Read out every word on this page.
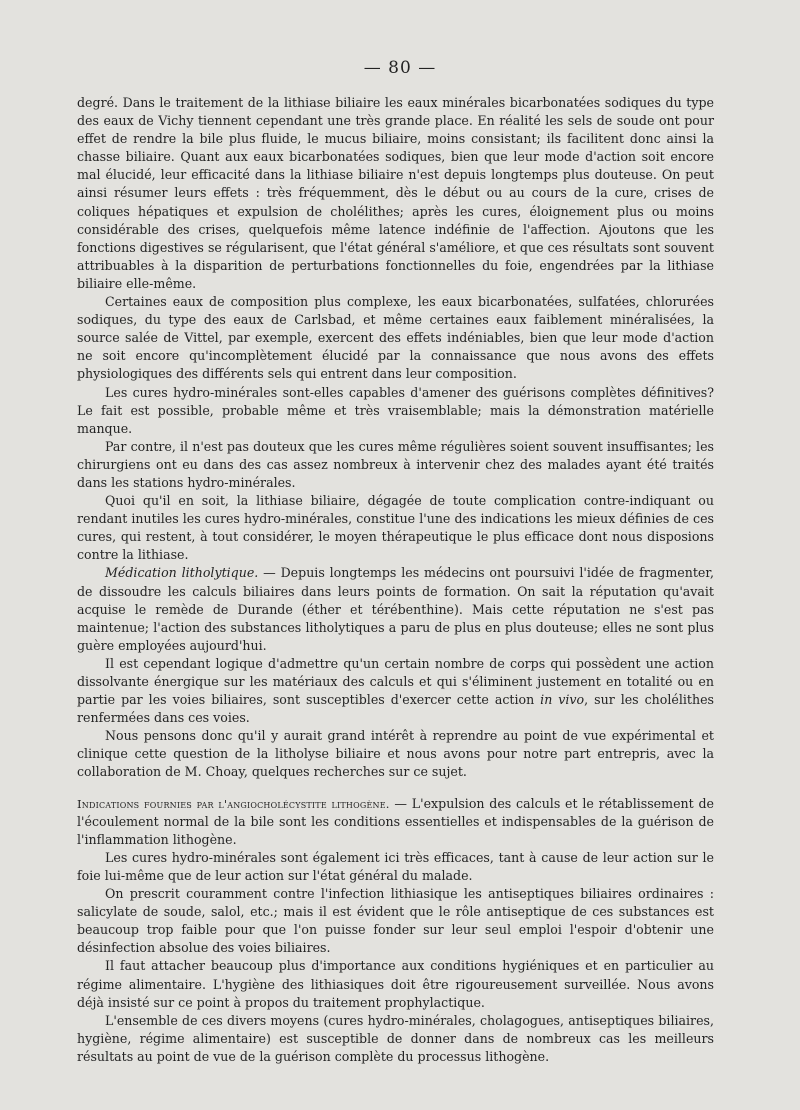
— 80 —

degré. Dans le traitement de la lithiase biliaire les eaux minérales bicarbonatées sodiques du type des eaux de Vichy tiennent cependant une très grande place. En réalité les sels de soude ont pour effet de rendre la bile plus fluide, le mucus biliaire, moins consistant; ils facilitent donc ainsi la chasse biliaire. Quant aux eaux bicarbonatées sodiques, bien que leur mode d'action soit encore mal élucidé, leur efficacité dans la lithiase biliaire n'est depuis longtemps plus douteuse. On peut ainsi résumer leurs effets : très fréquemment, dès le début ou au cours de la cure, crises de coliques hépatiques et expulsion de cholélithes; après les cures, éloignement plus ou moins considérable des crises, quelquefois même latence indéfinie de l'affection. Ajoutons que les fonctions digestives se régularisent, que l'état général s'améliore, et que ces résultats sont souvent attribuables à la disparition de perturbations fonctionnelles du foie, engendrées par la lithiase biliaire elle-même.

Certaines eaux de composition plus complexe, les eaux bicarbonatées, sulfatées, chlorurées sodiques, du type des eaux de Carlsbad, et même certaines eaux faiblement minéralisées, la source salée de Vittel, par exemple, exercent des effets indéniables, bien que leur mode d'action ne soit encore qu'incomplètement élucidé par la connaissance que nous avons des effets physiologiques des différents sels qui entrent dans leur composition.

Les cures hydro-minérales sont-elles capables d'amener des guérisons complètes définitives? Le fait est possible, probable même et très vraisemblable; mais la démonstration matérielle manque.

Par contre, il n'est pas douteux que les cures même régulières soient souvent insuffisantes; les chirurgiens ont eu dans des cas assez nombreux à intervenir chez des malades ayant été traités dans les stations hydro-minérales.

Quoi qu'il en soit, la lithiase biliaire, dégagée de toute complication contre-indiquant ou rendant inutiles les cures hydro-minérales, constitue l'une des indications les mieux définies de ces cures, qui restent, à tout considérer, le moyen thérapeutique le plus efficace dont nous disposions contre la lithiase.

Médication litholytique. — Depuis longtemps les médecins ont poursuivi l'idée de fragmenter, de dissoudre les calculs biliaires dans leurs points de formation. On sait la réputation qu'avait acquise le remède de Durande (éther et térébenthine). Mais cette réputation ne s'est pas maintenue; l'action des substances litholytiques a paru de plus en plus douteuse; elles ne sont plus guère employées aujourd'hui.

Il est cependant logique d'admettre qu'un certain nombre de corps qui possèdent une action dissolvante énergique sur les matériaux des calculs et qui s'éliminent justement en totalité ou en partie par les voies biliaires, sont susceptibles d'exercer cette action in vivo, sur les cholélithes renfermées dans ces voies.

Nous pensons donc qu'il y aurait grand intérêt à reprendre au point de vue expérimental et clinique cette question de la litholyse biliaire et nous avons pour notre part entrepris, avec la collaboration de M. Choay, quelques recherches sur ce sujet.

Indications fournies par l'angiocholécystite lithogène. — L'expulsion des calculs et le rétablissement de l'écoulement normal de la bile sont les conditions essentielles et indispensables de la guérison de l'inflammation lithogène.

Les cures hydro-minérales sont également ici très efficaces, tant à cause de leur action sur le foie lui-même que de leur action sur l'état général du malade.

On prescrit couramment contre l'infection lithiasique les antiseptiques biliaires ordinaires : salicylate de soude, salol, etc.; mais il est évident que le rôle antiseptique de ces substances est beaucoup trop faible pour que l'on puisse fonder sur leur seul emploi l'espoir d'obtenir une désinfection absolue des voies biliaires.

Il faut attacher beaucoup plus d'importance aux conditions hygiéniques et en particulier au régime alimentaire. L'hygiène des lithiasiques doit être rigoureusement surveillée. Nous avons déjà insisté sur ce point à propos du traitement prophylactique.

L'ensemble de ces divers moyens (cures hydro-minérales, cholagogues, antiseptiques biliaires, hygiène, régime alimentaire) est susceptible de donner dans de nombreux cas les meilleurs résultats au point de vue de la guérison complète du processus lithogène.
